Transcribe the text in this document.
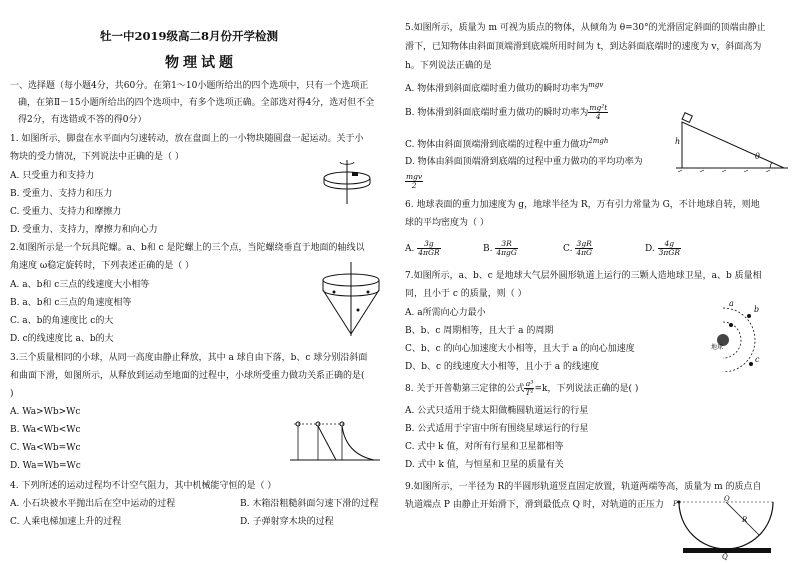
牡一中2019级高二8月份开学检测
物理试题
一、选择题（每小题4分，共60分。在第1～10小题所给出的四个选项中，只有一个选项正
确，在第Ⅱ－15小题所给出的四个选项中，有多个选项正确。全部选对得4分，选对但不全
得2分，有选错或不答的得0分）
1. 如图所示，脚盘在水平面内匀速转动，放在盘面上的一小物块随圆盘一起运动。关于小
物块的受力情况，下列说法中正确的是（ ）
A. 只受重力和支持力
B. 受重力、支持力和压力
C. 受重力、支持力和摩擦力
D. 受重力、支持力，摩擦力和向心力
2.如图所示是一个玩具陀螺。a、b和 c 是陀螺上的三个点，当陀螺绕垂直于地面的轴线以
角速度 ω稳定旋转时，下列表述正确的是（ ）
A. a、b和 c三点的线速度大小相等
B. a、b和 c三点的角速度相等
C. a、b的角速度比 c的大
D. c的线速度比 a、b的大
3.三个质量相同的小球，从同一高度由静止释放，其中 a 球自由下落，b、c 球分别沿斜面
和曲面下滑，如图所示，从释放到运动至地面的过程中，小球所受重力做功关系正确的是(
)
A. Wa>Wb>Wc
B. Wa<Wb<Wc
C. Wa<Wb=Wc
D. Wa=Wb=Wc
4. 下列所述的运动过程均不计空气阻力，其中机械能守恒的是（ ）
A. 小石块被水平抛出后在空中运动的过程	B. 木箱沿粗糙斜面匀速下滑的过程
C. 人乘电梯加速上升的过程	D. 子弹射穿木块的过程
5.如图所示，质量为 m 可视为质点的物体，从倾角为 θ=30°的光滑固定斜面的顶端由静止
滑下，已知物体由斜面顶端滑到底端所用时间为 t，到达斜面底端时的速度为 v，斜面高为
h。下列说法正确的是
A. 物体滑到斜面底端时重力做功的瞬时功率为$^{mgv}$
B. 物体滑到斜面底端时重力做功的瞬时功率为 $\frac{\text{mg²t}}{4}$
C. 物体由斜面顶端滑到底端的过程中重力做功$^{2mgh}$
D. 物体由斜面顶端滑到底端的过程中重力做功的平均功率为
$\frac{\text{mgv}}{2}$
h
θ
6. 地球表面的重力加速度为 g，地球半径为 R，万有引力常量为 G，不计地球自转，则地
球的平均密度为（ ）
A. $\frac{3g}{\text{4πGR}}$	B. $\frac{3R}{\text{4πgG}}$	C. $\frac{3gR}{4\pi G}$	D. $\frac{4g}{\text{3πGR}}$
7.如图所示，a、b、c 是地球大气层外圆形轨道上运行的三颗人造地球卫星，a、b 质量相
同，且小于 c 的质量，则（ ）
A. a所需向心力最小
B、b、c 周期相等，且大于 a 的周期
C、b、c 的向心加速度大小相等，且大于 a 的向心加速度
D、b、c 的线速度大小相等，且小于 a 的线速度
a
b
c
地球
8. 关于开普勒第三定律的公式 $\frac{\text{a³}}{\text{T²}} =k$，下列说法正确的是( )
A. 公式只适用于绕太阳做椭圆轨道运行的行星
B. 公式适用于宇宙中所有围绕星球运行的行星
C. 式中 k 值，对所有行星和卫星都相等
D. 式中 k 值，与恒星和卫星的质量有关
9.如图所示，一半径为 R的半圆形轨道竖直固定放置，轨道两端等高，质量为 m 的质点自
轨道端点 P 由静止开始滑下，滑到最低点 Q 时，对轨道的正压力 P
O
R
Q
